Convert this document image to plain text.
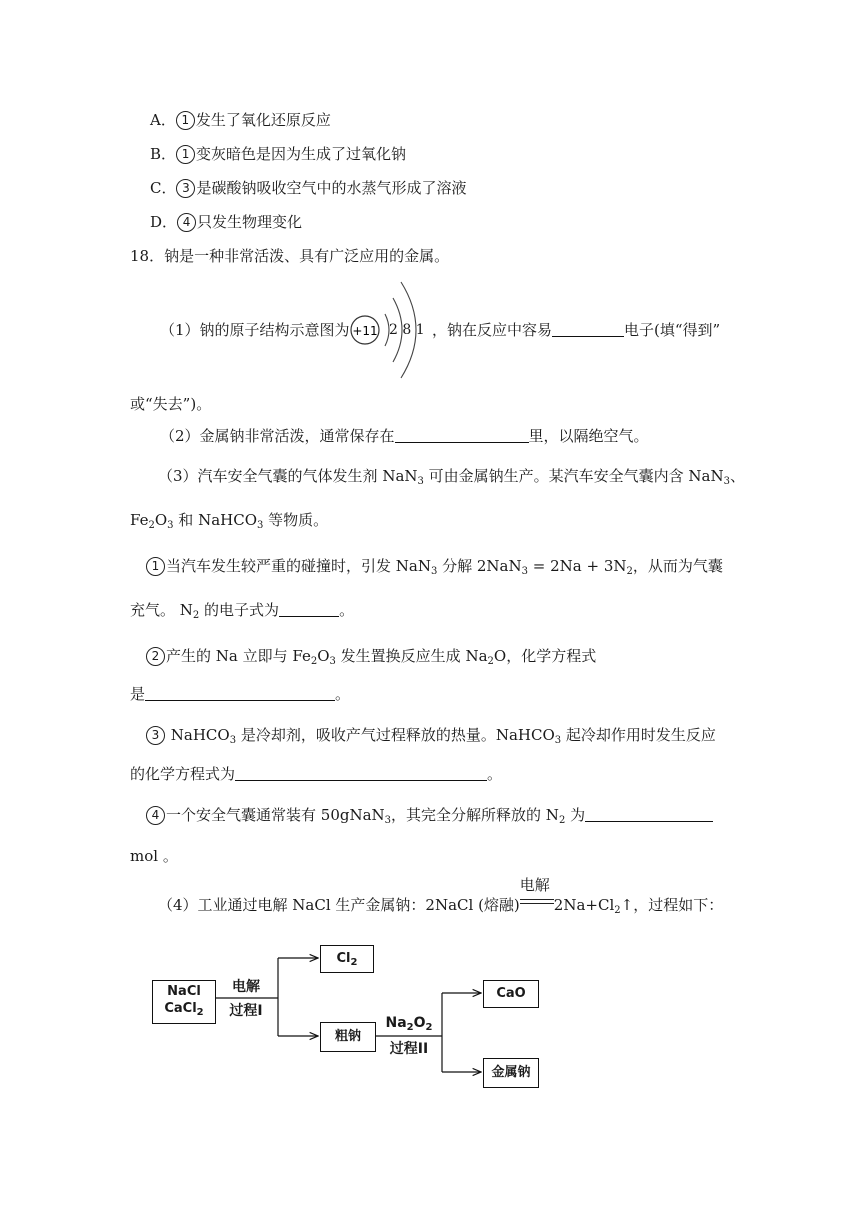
A． 1 发生了氧化还原反应
B． 1 变灰暗色是因为生成了过氧化钠
C． 3 是碳酸钠吸收空气中的水蒸气形成了溶液
D． 4 只发生物理变化
18．钠是一种非常活泼、具有广泛应用的金属。
（1）钠的原子结构示意图为 +11 2 8 1 ，钠在反应中容易	电子(填“得到”
或“失去”)。
（2）金属钠非常活泼，通常保存在	里，以隔绝空气。
（3）汽车安全气囊的气体发生剂 NaN$_3$ 可由金属钠生产。某汽车安全气囊内含 NaN$_3$、
$Fe_2O_3$ 和 NaHCO$_3$ 等物质。
1 当汽车发生较严重的碰撞时，引发 NaN$_3$ 分解 $2NaN_3 = 2Na + 3N_2$，从而为气囊
充气。 $N_2$ 的电子式为	。
2 产生的 Na 立即与 $Fe_2O_3$ 发生置换反应生成 $Na_2O$，化学方程式
是	。
3 NaHCO$_3$ 是冷却剂，吸收产气过程释放的热量。NaHCO$_3$ 起冷却作用时发生反应
的化学方程式为	。
4 一个安全气囊通常装有 50gNaN$_3$，其完全分解所释放的 $N_2$ 为
mol 。
（4）工业通过电解 NaCl 生产金属钠：2NaCl (熔融)
电解
$2Na+Cl_2↑$，过程如下：
NaCl
CaCl$_2$
$Cl_2$
粗钠
CaO
金属钠
电解
过程I
$Na_2O_2$
过程II
